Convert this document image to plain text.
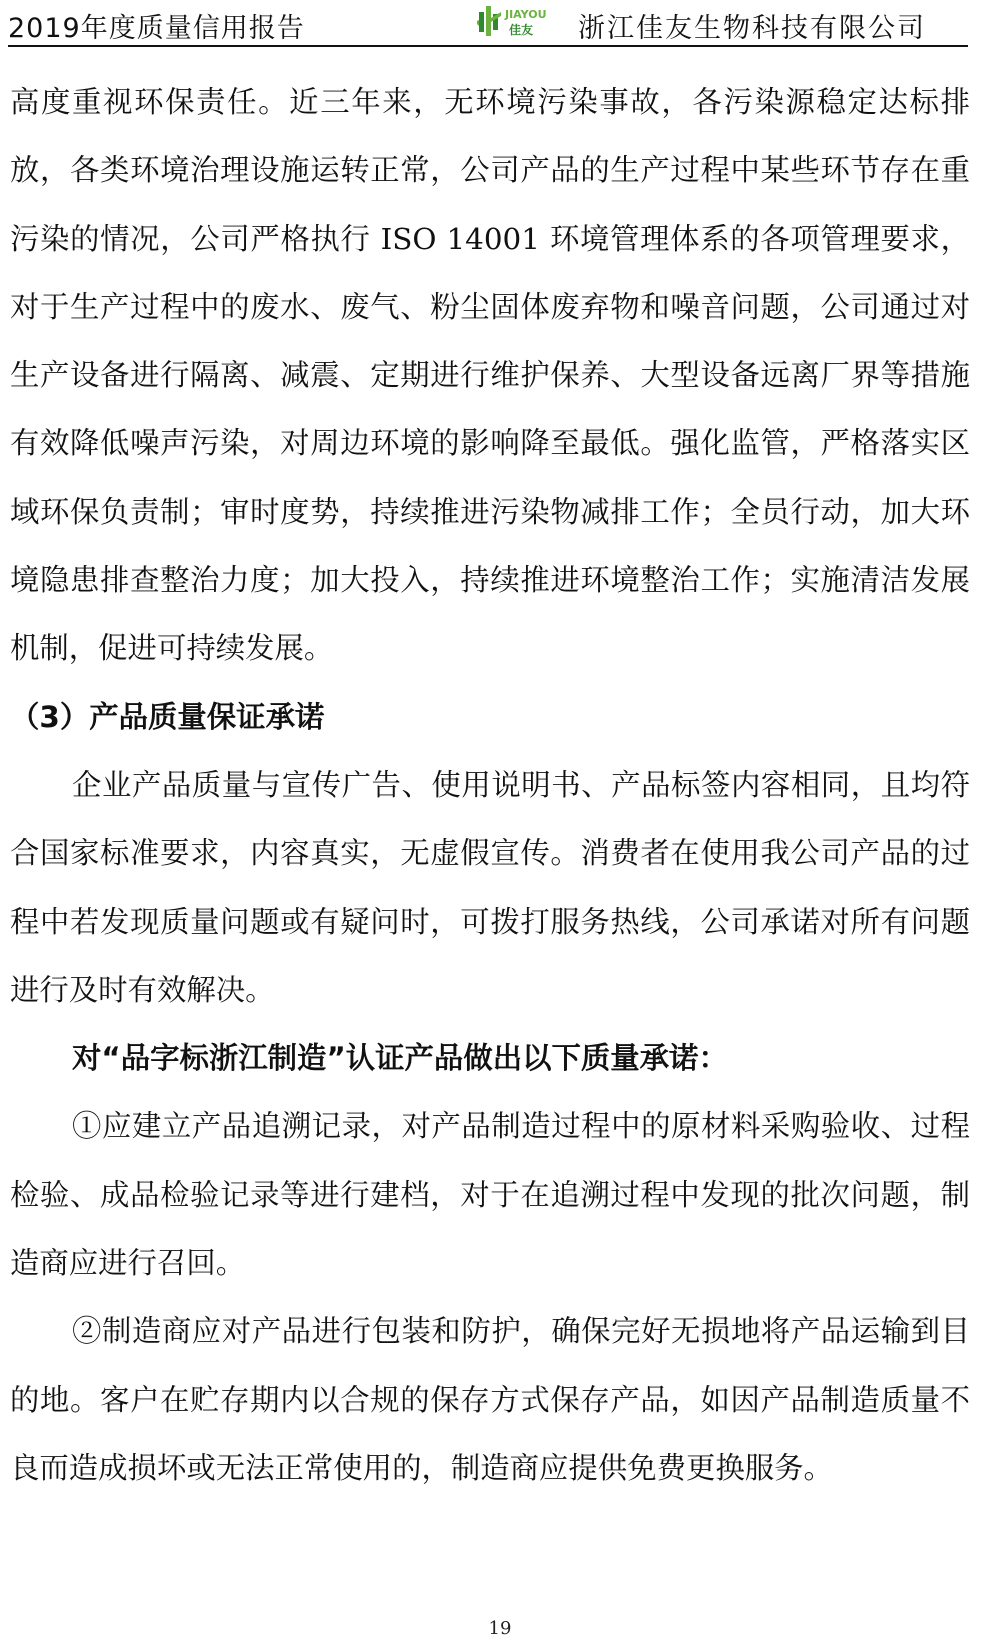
2019年度质量信用报告	JIAYOU
佳友 浙江佳友生物科技有限公司

高度重视环保责任。近三年来，无环境污染事故，各污染源稳定达标排放，各类环境治理设施运转正常，公司产品的生产过程中某些环节存在重污染的情况，公司严格执行 ISO 14001 环境管理体系的各项管理要求，对于生产过程中的废水、废气、粉尘固体废弃物和噪音问题，公司通过对生产设备进行隔离、减震、定期进行维护保养、大型设备远离厂界等措施有效降低噪声污染，对周边环境的影响降至最低。强化监管，严格落实区域环保负责制；审时度势，持续推进污染物减排工作；全员行动，加大环境隐患排查整治力度；加大投入，持续推进环境整治工作；实施清洁发展机制，促进可持续发展。

（3）产品质量保证承诺

企业产品质量与宣传广告、使用说明书、产品标签内容相同，且均符合国家标准要求，内容真实，无虚假宣传。消费者在使用我公司产品的过程中若发现质量问题或有疑问时，可拨打服务热线，公司承诺对所有问题进行及时有效解决。

对“品字标浙江制造”认证产品做出以下质量承诺：

①应建立产品追溯记录，对产品制造过程中的原材料采购验收、过程检验、成品检验记录等进行建档，对于在追溯过程中发现的批次问题，制造商应进行召回。

②制造商应对产品进行包装和防护，确保完好无损地将产品运输到目的地。客户在贮存期内以合规的保存方式保存产品，如因产品制造质量不良而造成损坏或无法正常使用的，制造商应提供免费更换服务。

19
